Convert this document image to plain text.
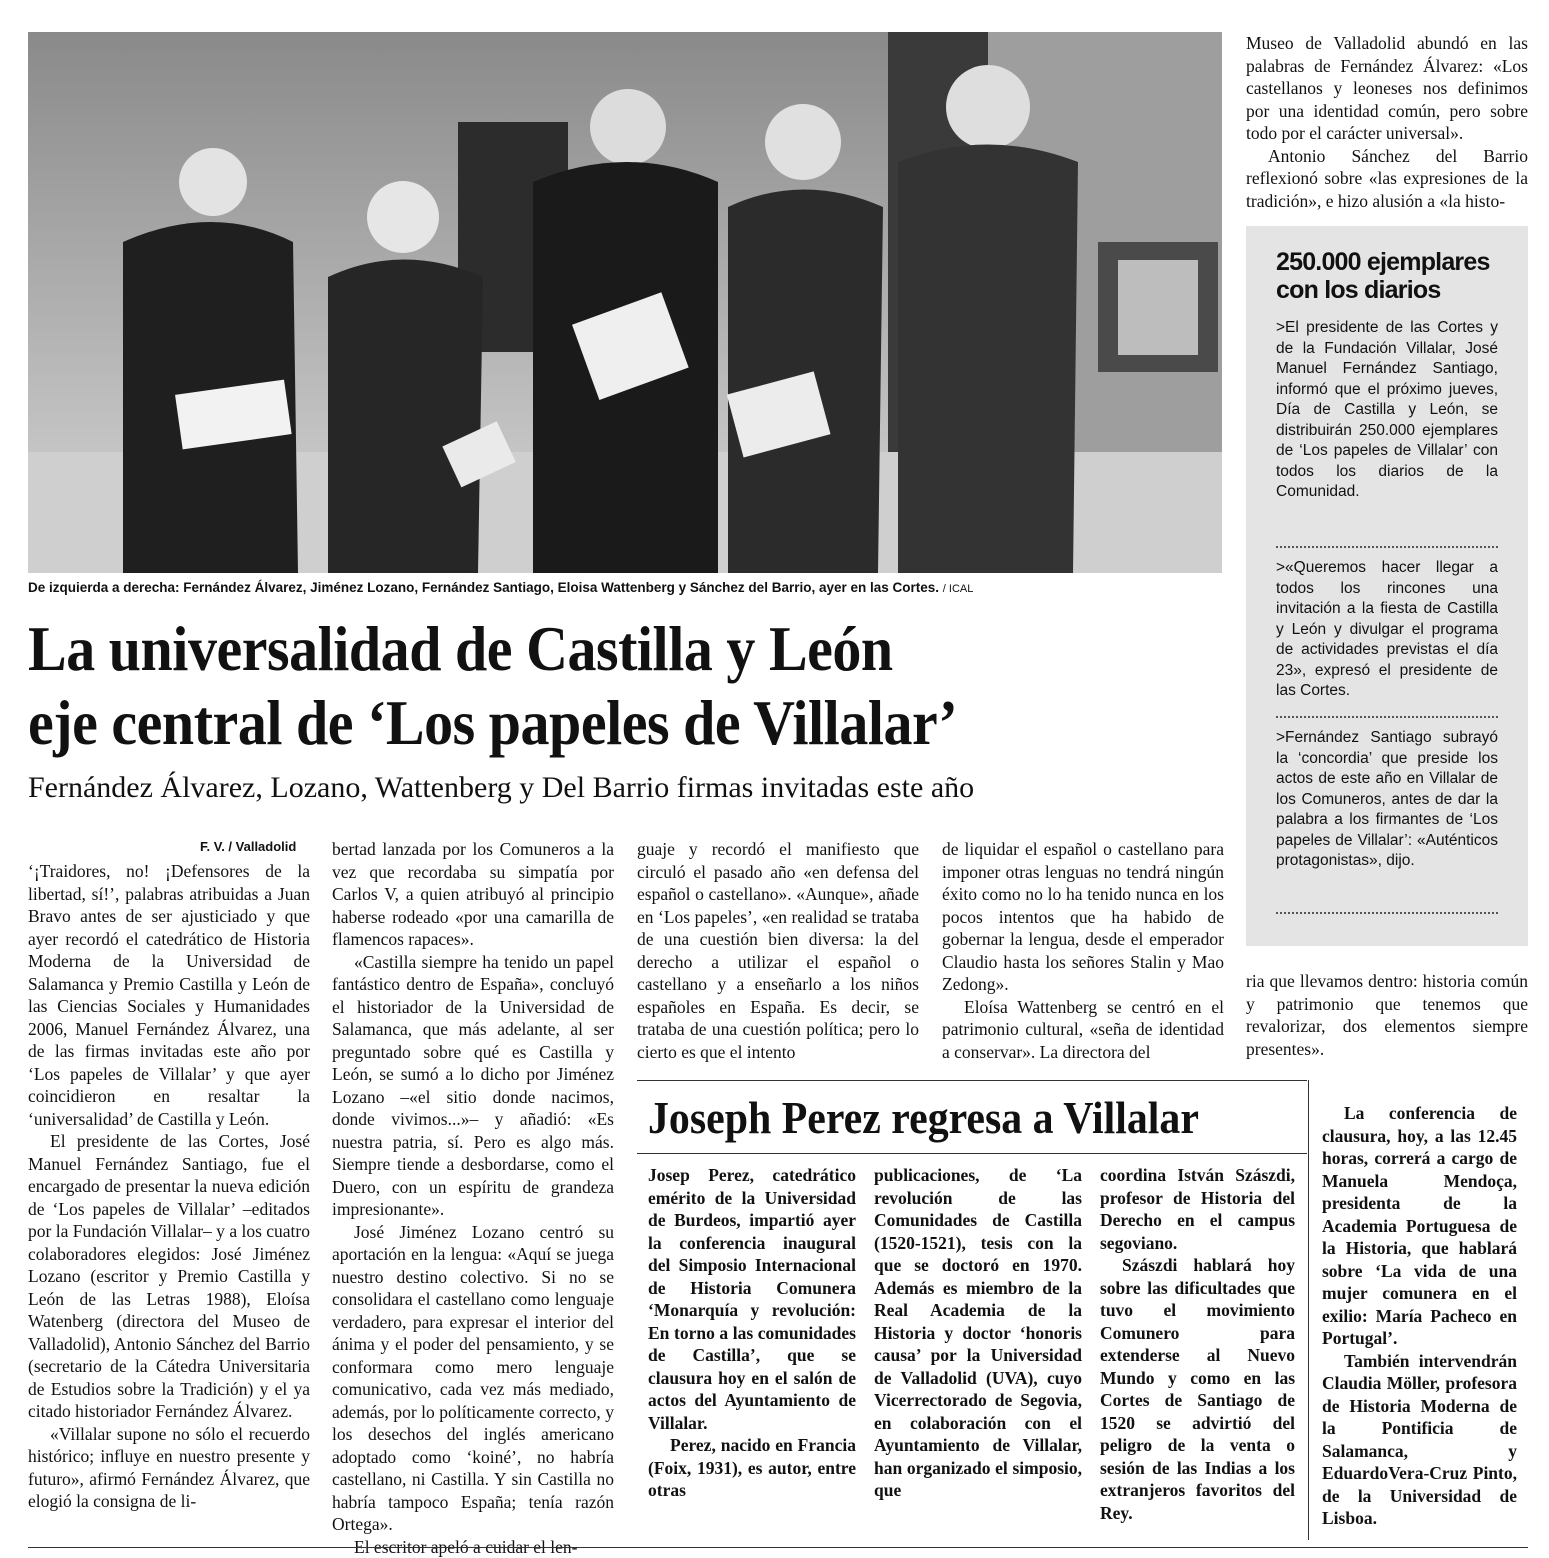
De izquierda a derecha: Fernández Álvarez, Jiménez Lozano, Fernández Santiago, Eloisa Wattenberg y Sánchez del Barrio, ayer en las Cortes. / ICAL
La universalidad de Castilla y León
eje central de ‘Los papeles de Villalar’
Fernández Álvarez, Lozano, Wattenberg y Del Barrio firmas invitadas este año
F. V. / Valladolid

‘¡Traidores, no! ¡Defensores de la libertad, sí!’, palabras atribuidas a Juan Bravo antes de ser ajusticiado y que ayer recordó el catedrático de Historia Moderna de la Universidad de Salamanca y Premio Castilla y León de las Ciencias Sociales y Humanidades 2006, Manuel Fernández Álvarez, una de las firmas invitadas este año por ‘Los papeles de Villalar’ y que ayer coincidieron en resaltar la ‘universalidad’ de Castilla y León.

El presidente de las Cortes, José Manuel Fernández Santiago, fue el encargado de presentar la nueva edición de ‘Los papeles de Villalar’ –editados por la Fundación Villalar– y a los cuatro colaboradores elegidos: José Jiménez Lozano (escritor y Premio Castilla y León de las Letras 1988), Eloísa Watenberg (directora del Museo de Valladolid), Antonio Sánchez del Barrio (secretario de la Cátedra Universitaria de Estudios sobre la Tradición) y el ya citado historiador Fernández Álvarez.

«Villalar supone no sólo el recuerdo histórico; influye en nuestro presente y futuro», afirmó Fernández Álvarez, que elogió la consigna de li-

bertad lanzada por los Comuneros a la vez que recordaba su simpatía por Carlos V, a quien atribuyó al principio haberse rodeado «por una camarilla de flamencos rapaces».

«Castilla siempre ha tenido un papel fantástico dentro de España», concluyó el historiador de la Universidad de Salamanca, que más adelante, al ser preguntado sobre qué es Castilla y León, se sumó a lo dicho por Jiménez Lozano –«el sitio donde nacimos, donde vivimos...»– y añadió: «Es nuestra patria, sí. Pero es algo más. Siempre tiende a desbordarse, como el Duero, con un espíritu de grandeza impresionante».

José Jiménez Lozano centró su aportación en la lengua: «Aquí se juega nuestro destino colectivo. Si no se consolidara el castellano como lenguaje verdadero, para expresar el interior del ánima y el poder del pensamiento, y se conformara como mero lenguaje comunicativo, cada vez más mediado, además, por lo políticamente correcto, y los desechos del inglés americano adoptado como ‘koiné’, no habría castellano, ni Castilla. Y sin Castilla no habría tampoco España; tenía razón Ortega».

El escritor apeló a cuidar el len-

guaje y recordó el manifiesto que circuló el pasado año «en defensa del español o castellano». «Aunque», añade en ‘Los papeles’, «en realidad se trataba de una cuestión bien diversa: la del derecho a utilizar el español o castellano y a enseñarlo a los niños españoles en España. Es decir, se trataba de una cuestión política; pero lo cierto es que el intento

de liquidar el español o castellano para imponer otras lenguas no tendrá ningún éxito como no lo ha tenido nunca en los pocos intentos que ha habido de gobernar la lengua, desde el emperador Claudio hasta los señores Stalin y Mao Zedong».

Eloísa Wattenberg se centró en el patrimonio cultural, «seña de identidad a conservar». La directora del

Museo de Valladolid abundó en las palabras de Fernández Álvarez: «Los castellanos y leoneses nos definimos por una identidad común, pero sobre todo por el carácter universal».

Antonio Sánchez del Barrio reflexionó sobre «las expresiones de la tradición», e hizo alusión a «la histo-

ria que llevamos dentro: historia común y patrimonio que tenemos que revalorizar, dos elementos siempre presentes».

250.000 ejemplares
con los diarios
>El presidente de las Cortes y de la Fundación Villalar, José Manuel Fernández Santiago, informó que el próximo jueves, Día de Castilla y León, se distribuirán 250.000 ejemplares de ‘Los papeles de Villalar’ con todos los diarios de la Comunidad.
>«Queremos hacer llegar a todos los rincones una invitación a la fiesta de Castilla y León y divulgar el programa de actividades previstas el día 23», expresó el presidente de las Cortes.
>Fernández Santiago subrayó la ‘concordia’ que preside los actos de este año en Villalar de los Comuneros, antes de dar la palabra a los firmantes de ‘Los papeles de Villalar’: «Auténticos protagonistas», dijo.
Joseph Perez regresa a Villalar

Josep Perez, catedrático emérito de la Universidad de Burdeos, impartió ayer la conferencia inaugural del Simposio Internacional de Historia Comunera ‘Monarquía y revolución: En torno a las comunidades de Castilla’, que se clausura hoy en el salón de actos del Ayuntamiento de Villalar.

Perez, nacido en Francia (Foix, 1931), es autor, entre otras

publicaciones, de ‘La revolución de las Comunidades de Castilla (1520-1521), tesis con la que se doctoró en 1970. Además es miembro de la Real Academia de la Historia y doctor ‘honoris causa’ por la Universidad de Valladolid (UVA), cuyo Vicerrectorado de Segovia, en colaboración con el Ayuntamiento de Villalar, han organizado el simposio, que

coordina István Szászdi, profesor de Historia del Derecho en el campus segoviano.

Szászdi hablará hoy sobre las dificultades que tuvo el movimiento Comunero para extenderse al Nuevo Mundo y como en las Cortes de Santiago de 1520 se advirtió del peligro de la venta o sesión de las Indias a los extranjeros favoritos del Rey.

La conferencia de clausura, hoy, a las 12.45 horas, correrá a cargo de Manuela Mendoça, presidenta de la Academia Portuguesa de la Historia, que hablará sobre ‘La vida de una mujer comunera en el exilio: María Pacheco en Portugal’.

También intervendrán Claudia Möller, profesora de Historia Moderna de la Pontificia de Salamanca, y EduardoVera-Cruz Pinto, de la Universidad de Lisboa.
